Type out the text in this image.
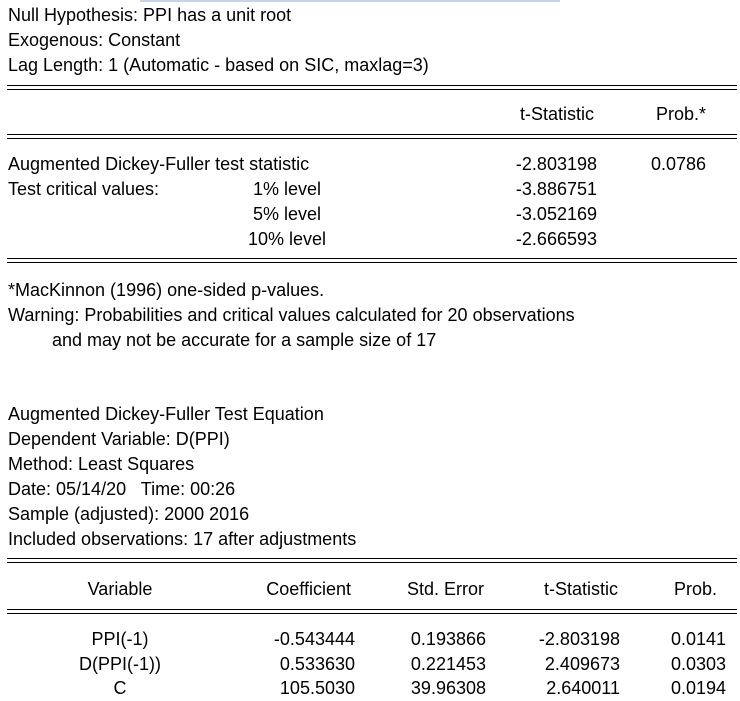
Null Hypothesis: PPI has a unit root
Exogenous: Constant
Lag Length: 1 (Automatic - based on SIC, maxlag=3)
t-Statistic	Prob.*
Augmented Dickey-Fuller test statistic	-2.803198	0.0786
Test critical values:	1% level	-3.886751
5% level	-3.052169
10% level	-2.666593
*MacKinnon (1996) one-sided p-values.
Warning: Probabilities and critical values calculated for 20 observations
and may not be accurate for a sample size of 17
Augmented Dickey-Fuller Test Equation
Dependent Variable: D(PPI)
Method: Least Squares
Date: 05/14/20   Time: 00:26
Sample (adjusted): 2000 2016
Included observations: 17 after adjustments
Variable	Coefficient	Std. Error	t-Statistic	Prob.
PPI(-1)	-0.543444	0.193866	-2.803198	0.0141
D(PPI(-1))	0.533630	0.221453	2.409673	0.0303
C	105.5030	39.96308	2.640011	0.0194
